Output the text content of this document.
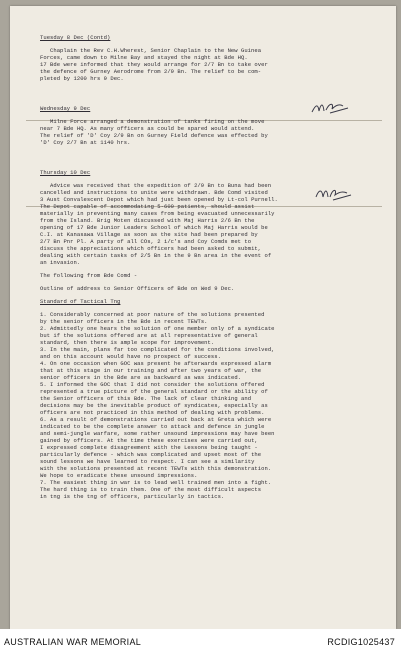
Tuesday 8 Dec (Contd)

Chaplain the Rev C.H.Wherest, Senior Chaplain to the New Guinea

Forces, came down to Milne Bay and stayed the night at Bde HQ.

17 Bde were informed that they would arrange for 2/7 Bn to take over

the defence of Gurney Aerodrome from 2/9 Bn. The relief to be com-

pleted by 1200 hrs 9 Dec.

Wednesday 9 Dec

Milne Force arranged a demonstration of tanks firing on the move

near 7 Bde HQ. As many officers as could be spared would attend.

The relief of 'D' Coy 2/9 Bn on Gurney Field defence was effected by

'D' Coy 2/7 Bn at 1140 hrs.

Thursday 10 Dec

Advice was received that the expedition of 2/9 Bn to Buna had been

cancelled and instructions to unite were withdrawn. Bde Comd visited

3 Aust Convalescent Depot which had just been opened by Lt-col Purnell.

The Depot capable of accommodating 5-600 patients, should assist

materially in preventing many cases from being evacuated unnecessarily

from the Island. Brig Moten discussed with Maj Harris 2/6 Bn the

opening of 17 Bde Junior Leaders School of which Maj Harris would be

C.I. at Kanasawa Village as soon as the site had been prepared by

2/7 Bn Pnr Pl. A party of all COs, 2 i/c's and Coy Comds met to

discuss the appreciations which officers had been asked to submit,

dealing with certain tasks of 2/5 Bn in the 9 Bn area in the event of

an invasion.

The following from Bde Comd -

Outline of address to Senior Officers of Bde on Wed 9 Dec.

Standard of Tactical Tng

1. Considerably concerned at poor nature of the solutions presented

by the senior officers in the Bde in recent TEWTs.

2. Admittedly one hears the solution of one member only of a syndicate

but if the solutions offered are at all representative of general

standard, then there is ample scope for improvement.

3. In the main, plans far too complicated for the conditions involved,

and on this account would have no prospect of success.

4. On one occasion when GOC was present he afterwards expressed alarm

that at this stage in our training and after two years of war, the

senior officers in the Bde are as backward as was indicated.

5. I informed the GOC that I did not consider the solutions offered

represented a true picture of the general standard or the ability of

the Senior officers of this Bde. The lack of clear thinking and

decisions may be the inevitable product of syndicates, especially as

officers are not practiced in this method of dealing with problems.

6. As a result of demonstrations carried out back at Greta which were

indicated to be the complete answer to attack and defence in jungle

and semi-jungle warfare, some rather unsound impressions may have been

gained by officers. At the time these exercises were carried out,

I expressed complete disagreement with the Lessons being taught -

particularly defence - which was complicated and upset most of the

sound lessons we have learned to respect. I can see a similarity

with the solutions presented at recent TEWTs with this demonstration.

We hope to eradicate these unsound impressions.

7. The easiest thing in war is to lead well trained men into a fight.

The hard thing is to train them. One of the most difficult aspects

in tng is the tng of officers, particularly in tactics.

AUSTRALIAN WAR MEMORIAL	RCDIG1025437
